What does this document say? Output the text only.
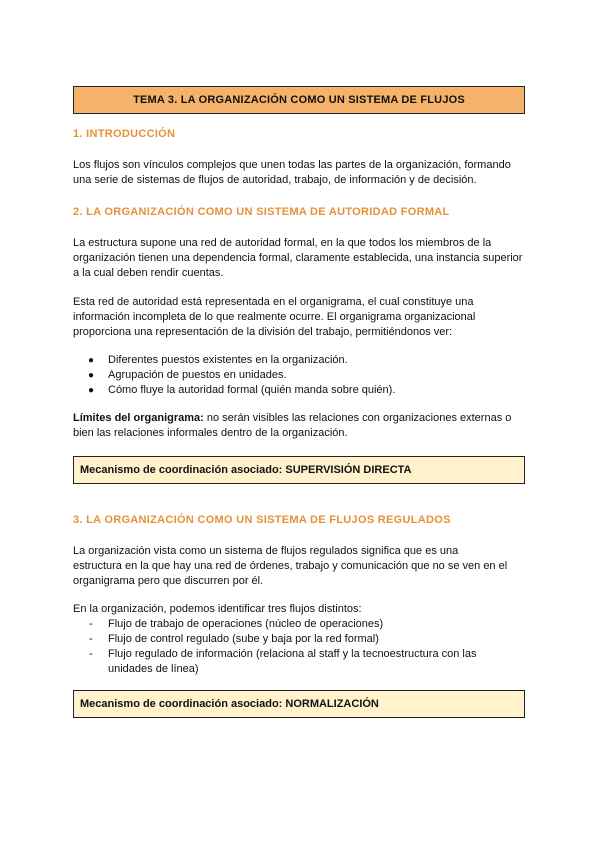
TEMA 3. LA ORGANIZACIÓN COMO UN SISTEMA DE FLUJOS
1. INTRODUCCIÓN
Los flujos son vínculos complejos que unen todas las partes de la organización, formando
una serie de sistemas de flujos de autoridad, trabajo, de información y de decisión.
2. LA ORGANIZACIÓN COMO UN SISTEMA DE AUTORIDAD FORMAL
La estructura supone una red de autoridad formal, en la que todos los miembros de la
organización tienen una dependencia formal, claramente establecida, una instancia superior
a la cual deben rendir cuentas.
Esta red de autoridad está representada en el organigrama, el cual constituye una
información incompleta de lo que realmente ocurre. El organigrama organizacional
proporciona una representación de la división del trabajo, permitiéndonos ver:
● Diferentes puestos existentes en la organización.
● Agrupación de puestos en unidades.
● Cómo fluye la autoridad formal (quién manda sobre quién).
Límites del organigrama: no serán visibles las relaciones con organizaciones externas o
bien las relaciones informales dentro de la organización.
Mecanismo de coordinación asociado: SUPERVISIÓN DIRECTA
3. LA ORGANIZACIÓN COMO UN SISTEMA DE FLUJOS REGULADOS
La organización vista como un sistema de flujos regulados significa que es una
estructura en la que hay una red de órdenes, trabajo y comunicación que no se ven en el
organigrama pero que discurren por él.
En la organización, podemos identificar tres flujos distintos:
- Flujo de trabajo de operaciones (núcleo de operaciones)
- Flujo de control regulado (sube y baja por la red formal)
- Flujo regulado de información (relaciona al staff y la tecnoestructura con las
unidades de línea)
Mecanismo de coordinación asociado: NORMALIZACIÓN
